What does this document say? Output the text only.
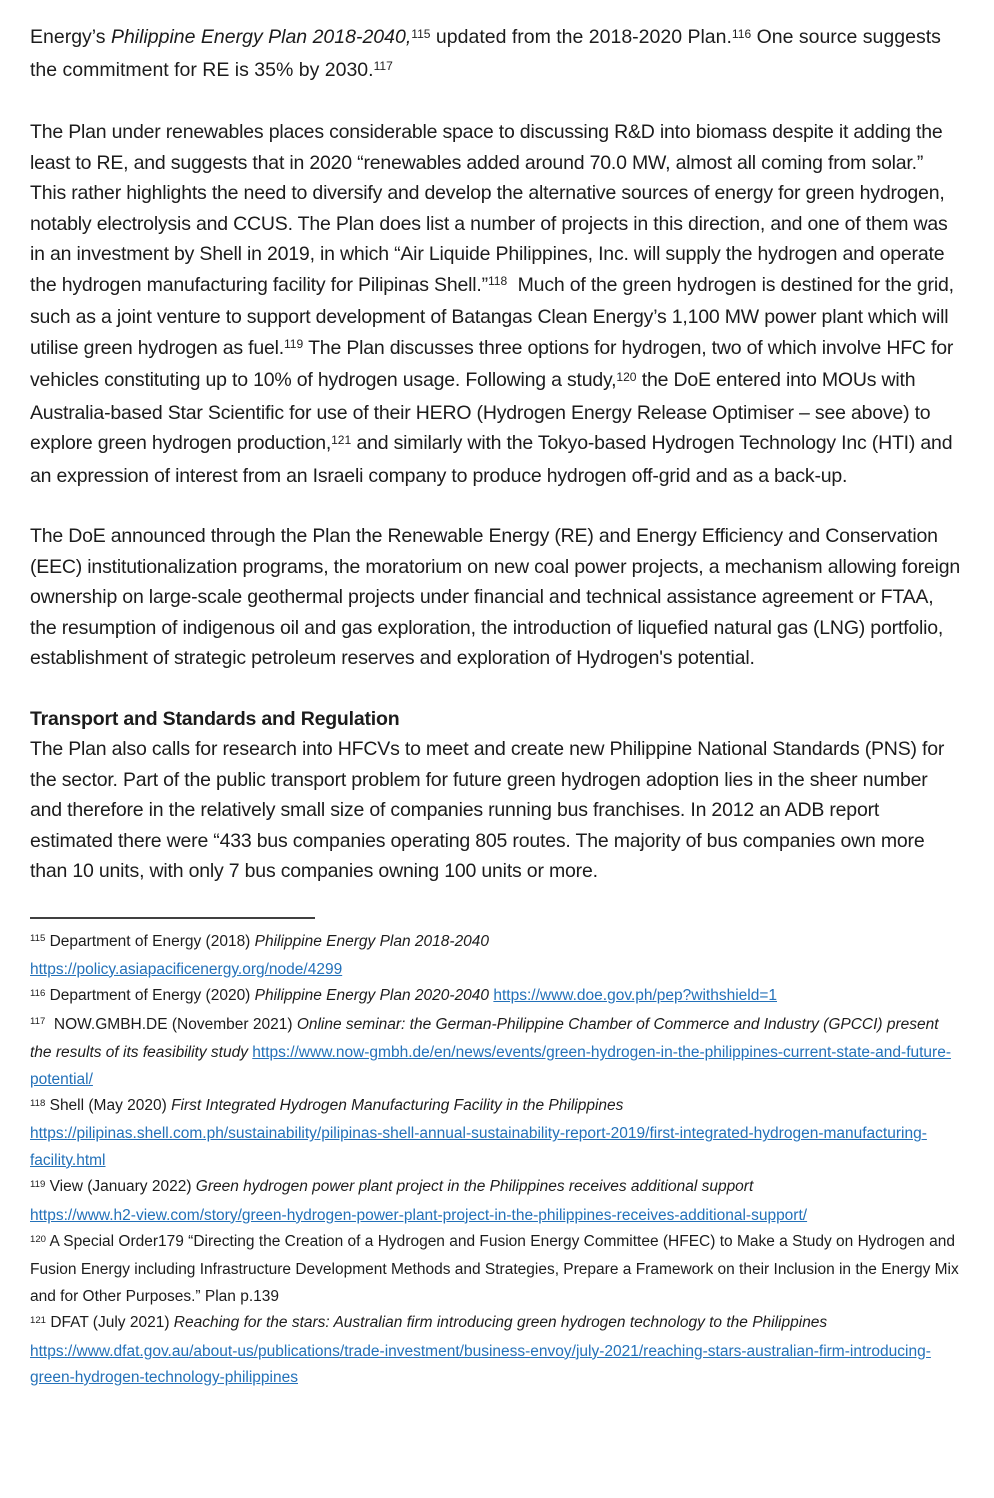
Energy’s Philippine Energy Plan 2018-2040,$^{115}$ updated from the 2018-2020 Plan.$^{116}$ One source suggests the commitment for RE is 35% by 2030.$^{117}$

The Plan under renewables places considerable space to discussing R&D into biomass despite it adding the least to RE, and suggests that in 2020 “renewables added around 70.0 MW, almost all coming from solar.” This rather highlights the need to diversify and develop the alternative sources of energy for green hydrogen, notably electrolysis and CCUS. The Plan does list a number of projects in this direction, and one of them was in an investment by Shell in 2019, in which “Air Liquide Philippines, Inc. will supply the hydrogen and operate the hydrogen manufacturing facility for Pilipinas Shell.”$^{118}$  Much of the green hydrogen is destined for the grid, such as a joint venture to support development of Batangas Clean Energy’s 1,100 MW power plant which will utilise green hydrogen as fuel.$^{119}$ The Plan discusses three options for hydrogen, two of which involve HFC for vehicles constituting up to 10% of hydrogen usage. Following a study,$^{120}$ the DoE entered into MOUs with Australia-based Star Scientific for use of their HERO (Hydrogen Energy Release Optimiser – see above) to explore green hydrogen production,$^{121}$ and similarly with the Tokyo-based Hydrogen Technology Inc (HTI) and an expression of interest from an Israeli company to produce hydrogen off-grid and as a back-up.

The DoE announced through the Plan the Renewable Energy (RE) and Energy Efficiency and Conservation (EEC) institutionalization programs, the moratorium on new coal power projects, a mechanism allowing foreign ownership on large-scale geothermal projects under financial and technical assistance agreement or FTAA, the resumption of indigenous oil and gas exploration, the introduction of liquefied natural gas (LNG) portfolio, establishment of strategic petroleum reserves and exploration of Hydrogen's potential.

Transport and Standards and Regulation

The Plan also calls for research into HFCVs to meet and create new Philippine National Standards (PNS) for the sector. Part of the public transport problem for future green hydrogen adoption lies in the sheer number and therefore in the relatively small size of companies running bus franchises. In 2012 an ADB report estimated there were “433 bus companies operating 805 routes. The majority of bus companies own more than 10 units, with only 7 bus companies owning 100 units or more.

$^{115}$ Department of Energy (2018) Philippine Energy Plan 2018-2040
https://policy.asiapacificenergy.org/node/4299
$^{116}$ Department of Energy (2020) Philippine Energy Plan 2020-2040 https://www.doe.gov.ph/pep?withshield=1
$^{117}$  NOW.GMBH.DE (November 2021) Online seminar: the German-Philippine Chamber of Commerce and Industry (GPCCI) present the results of its feasibility study https://www.now-gmbh.de/en/news/events/green-hydrogen-in-the-philippines-current-state-and-future-potential/
$^{118}$ Shell (May 2020) First Integrated Hydrogen Manufacturing Facility in the Philippines
https://pilipinas.shell.com.ph/sustainability/pilipinas-shell-annual-sustainability-report-2019/first-integrated-hydrogen-manufacturing-facility.html
$^{119}$ View (January 2022) Green hydrogen power plant project in the Philippines receives additional support
https://www.h2-view.com/story/green-hydrogen-power-plant-project-in-the-philippines-receives-additional-support/
$^{120}$ A Special Order179 “Directing the Creation of a Hydrogen and Fusion Energy Committee (HFEC) to Make a Study on Hydrogen and Fusion Energy including Infrastructure Development Methods and Strategies, Prepare a Framework on their Inclusion in the Energy Mix and for Other Purposes.” Plan p.139
$^{121}$ DFAT (July 2021) Reaching for the stars: Australian firm introducing green hydrogen technology to the Philippines https://www.dfat.gov.au/about-us/publications/trade-investment/business-envoy/july-2021/reaching-stars-australian-firm-introducing-green-hydrogen-technology-philippines
